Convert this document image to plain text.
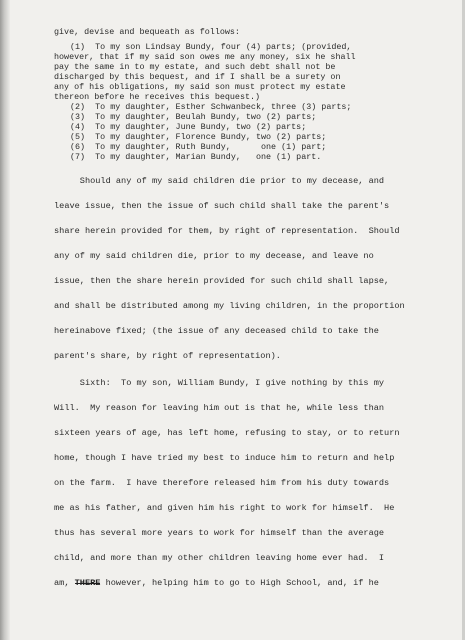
give, devise and bequeath as follows:
(1)  To my son Lindsay Bundy, four (4) parts; (provided,
however, that if my said son owes me any money, six he shall
pay the same in to my estate, and such debt shall not be
discharged by this bequest, and if I shall be a surety on
any of his obligations, my said son must protect my estate
thereon before he receives this bequest.)
(2)  To my daughter, Esther Schwanbeck, three (3) parts;
(3)  To my daughter, Beulah Bundy, two (2) parts;
(4)  To my daughter, June Bundy, two (2) parts;
(5)  To my daughter, Florence Bundy, two (2) parts;
(6)  To my daughter, Ruth Bundy,      one (1) part;
(7)  To my daughter, Marian Bundy,   one (1) part.
Should any of my said children die prior to my decease, and
leave issue, then the issue of such child shall take the parent's
share herein provided for them, by right of representation.  Should
any of my said children die, prior to my decease, and leave no
issue, then the share herein provided for such child shall lapse,
and shall be distributed among my living children, in the proportion
hereinabove fixed; (the issue of any deceased child to take the
parent's share, by right of representation).
Sixth:  To my son, William Bundy, I give nothing by this my
Will.  My reason for leaving him out is that he, while less than
sixteen years of age, has left home, refusing to stay, or to return
home, though I have tried my best to induce him to return and help
on the farm.  I have therefore released him from his duty towards
me as his father, and given him his right to work for himself.  He
thus has several more years to work for himself than the average
child, and more than my other children leaving home ever had.  I
am, THERE however, helping him to go to High School, and, if he
